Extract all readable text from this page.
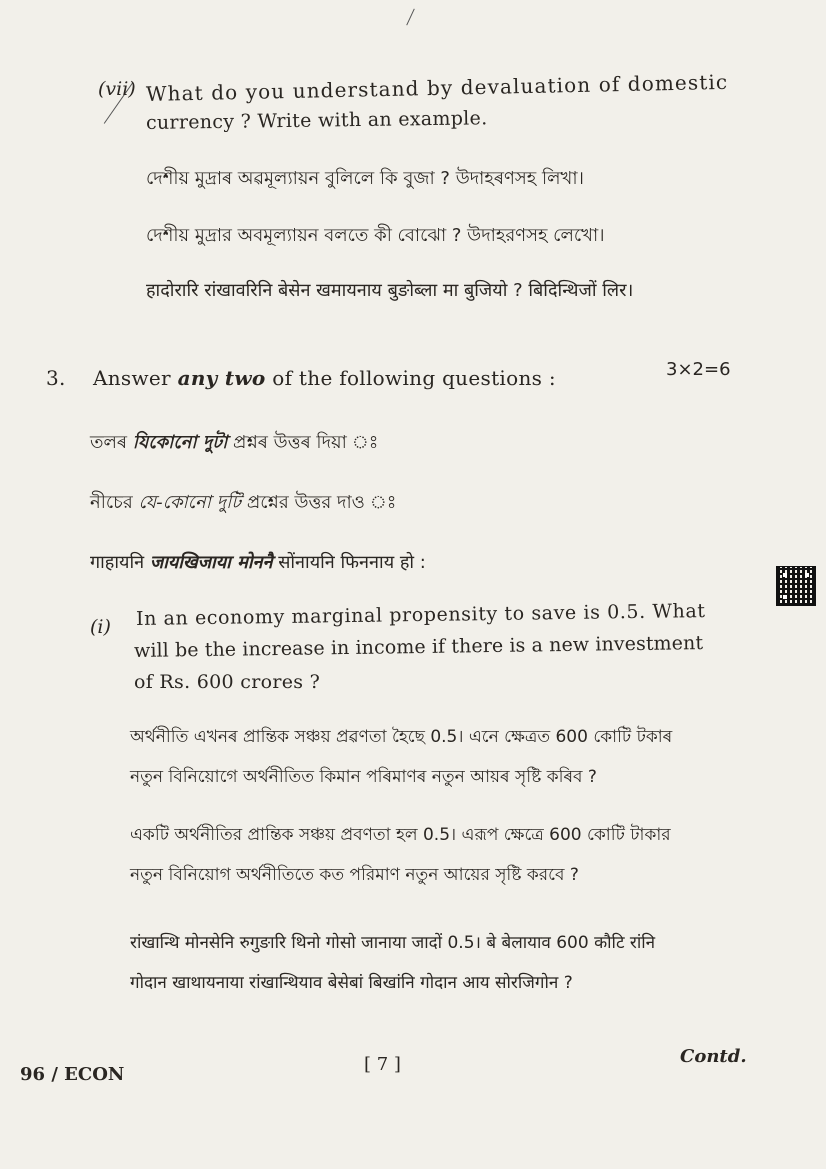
(vii) What do you understand by devaluation of domestic
currency ? Write with an example.
দেশীয় মুদ্ৰাৰ অৱমূল্যায়ন বুলিলে কি বুজা ? উদাহৰণসহ লিখা।
দেশীয় মুদ্রার অবমূল্যায়ন বলতে কী বোঝো ? উদাহরণসহ লেখো।
हादोरारि रांखावरिनि बेसेन खमायनाय बुङोब्ला मा बुजियो ? बिदिन्थिजों लिर।
3. Answer any two of the following questions :	3×2=6
তলৰ যিকোনো দুটা প্ৰশ্নৰ উত্তৰ দিয়া ঃ
নীচের যে-কোনো দুটি প্রশ্নের উত্তর দাও ঃ
गाहायनि जायखिजाया मोननै सोंनायनि फिननाय हो :
(i) In an economy marginal propensity to save is 0.5. What
will be the increase in income if there is a new investment
of Rs. 600 crores ?
অৰ্থনীতি এখনৰ প্ৰান্তিক সঞ্চয় প্ৰৱণতা হৈছে 0.5। এনে ক্ষেত্ৰত 600 কোটি টকাৰ
নতুন বিনিয়োগে অৰ্থনীতিত কিমান পৰিমাণৰ নতুন আয়ৰ সৃষ্টি কৰিব ?
একটি অর্থনীতির প্রান্তিক সঞ্চয় প্রবণতা হল 0.5। এরূপ ক্ষেত্রে 600 কোটি টাকার
নতুন বিনিয়োগ অর্থনীতিতে কত পরিমাণ নতুন আয়ের সৃষ্টি করবে ?
रांखान्थि मोनसेनि रुगुङारि थिनो गोसो जानाया जादों 0.5। बे बेलायाव 600 कौटि रांनि
गोदान खाथायनाया रांखान्थियाव बेसेबां बिखांनि गोदान आय सोरजिगोन ?
96 / ECON	[ 7 ]	Contd.
